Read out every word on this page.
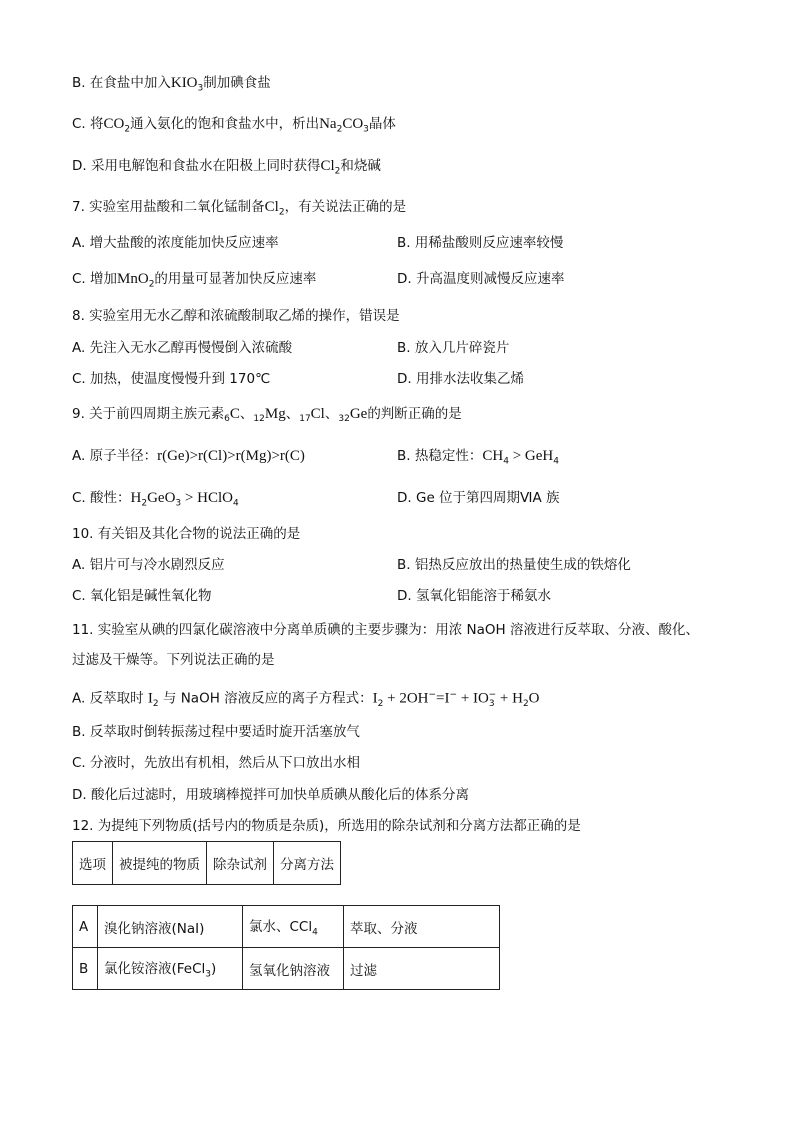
B. 在食盐中加入$KIO_3$制加碘食盐
C. 将$CO_2$通入氨化的饱和食盐水中，析出$Na_2CO_3$晶体
D. 采用电解饱和食盐水在阳极上同时获得$Cl_2$和烧碱
7. 实验室用盐酸和二氧化锰制备$Cl_2$，有关说法正确的是
A. 增大盐酸的浓度能加快反应速率	B. 用稀盐酸则反应速率较慢
C. 增加MnO$_2$的用量可显著加快反应速率	D. 升高温度则减慢反应速率
8. 实验室用无水乙醇和浓硫酸制取乙烯的操作，错误是
A. 先注入无水乙醇再慢慢倒入浓硫酸	B. 放入几片碎瓷片
C. 加热，使温度慢慢升到 170℃	D. 用排水法收集乙烯
9. 关于前四周期主族元素$_6$C、$_{12}$Mg、$_{17}$Cl、$_{32}$Ge的判断正确的是
A. 原子半径：r(Ge)>r(Cl)>r(Mg)>r(C)	B. 热稳定性：$CH_4 > GeH_4$
C. 酸性：$H_2GeO_3$ > HClO$_4$	D. Ge 位于第四周期ⅥA 族
10. 有关铝及其化合物的说法正确的是
A. 铝片可与冷水剧烈反应	B. 铝热反应放出的热量使生成的铁熔化
C. 氧化铝是碱性氧化物	D. 氢氧化铝能溶于稀氨水
11. 实验室从碘的四氯化碳溶液中分离单质碘的主要步骤为：用浓 NaOH 溶液进行反萃取、分液、酸化、
过滤及干燥等。下列说法正确的是
A. 反萃取时 $I_2$ 与 NaOH 溶液反应的离子方程式：$I_2 + 2OH^-=I^- + IO_3^- + H_2O$
B. 反萃取时倒转振荡过程中要适时旋开活塞放气
C. 分液时，先放出有机相，然后从下口放出水相
D. 酸化后过滤时，用玻璃棒搅拌可加快单质碘从酸化后的体系分离
12. 为提纯下列物质(括号内的物质是杂质)，所选用的除杂试剂和分离方法都正确的是
选项	被提纯的物质	除杂试剂	分离方法
A	溴化钠溶液(NaI)	氯水、CCl$_4$	萃取、分液
B	氯化铵溶液(FeCl$_3$)	氢氧化钠溶液	过滤
